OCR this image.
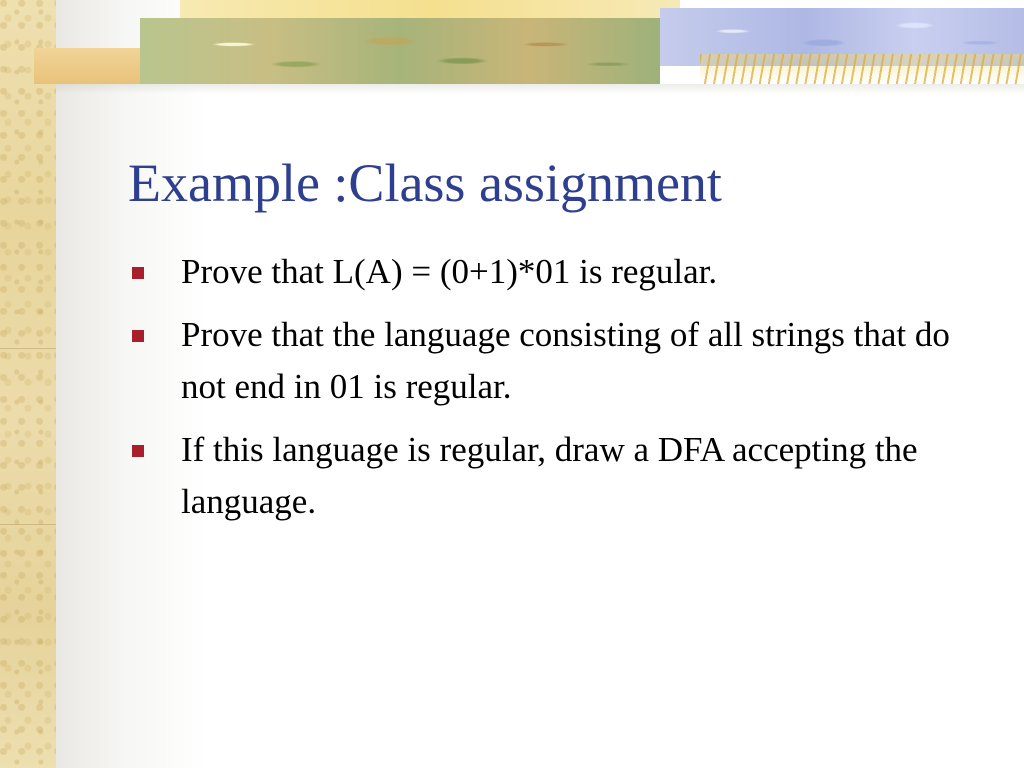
Example :Class assignment
Prove that L(A) = (0+1)*01 is regular.
Prove that the language consisting of all strings that do not end in 01 is regular.
If this language is regular, draw a DFA accepting the language.
